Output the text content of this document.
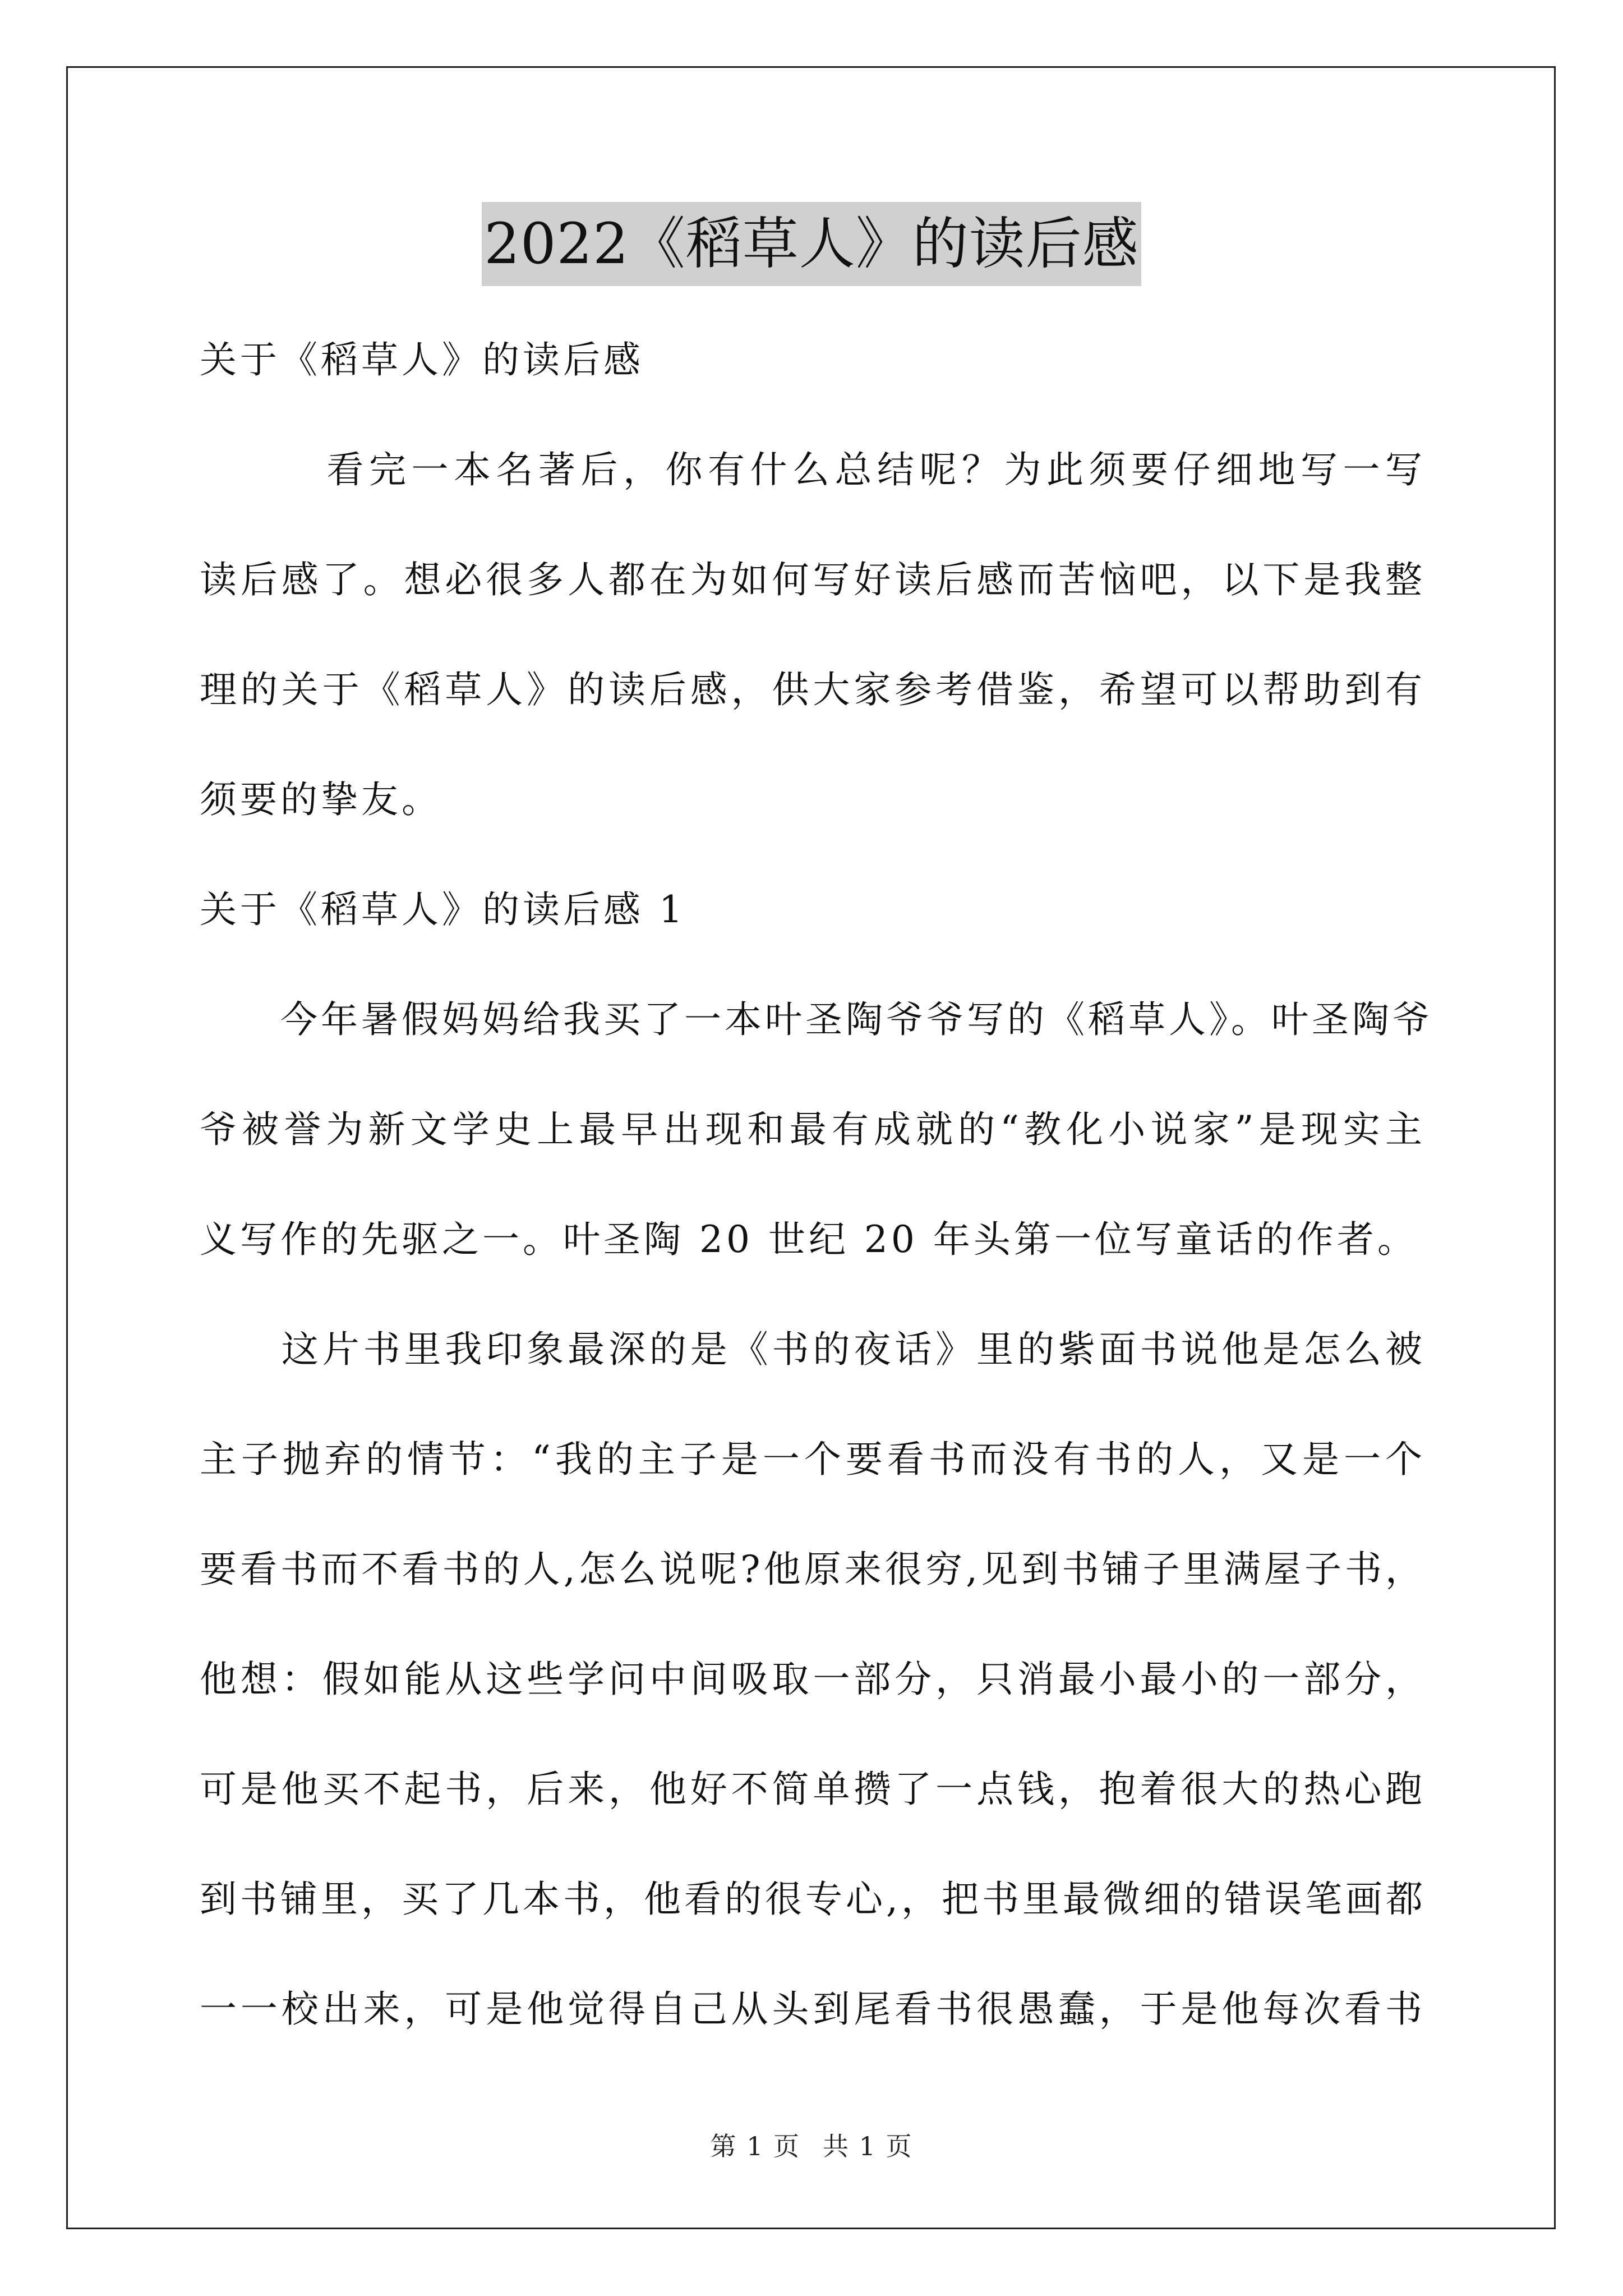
2022《稻草人》的读后感
关于《稻草人》的读后感
　　　看完一本名著后，你有什么总结呢？为此须要仔细地写一写
读后感了。想必很多人都在为如何写好读后感而苦恼吧，以下是我整
理的关于《稻草人》的读后感，供大家参考借鉴，希望可以帮助到有
须要的挚友。
关于《稻草人》的读后感 1
　　今年暑假妈妈给我买了一本叶圣陶爷爷写的《稻草人》。叶圣陶爷
爷被誉为新文学史上最早出现和最有成就的“教化小说家”是现实主
义写作的先驱之一。叶圣陶 20 世纪 20 年头第一位写童话的作者。
　　这片书里我印象最深的是《书的夜话》里的紫面书说他是怎么被
主子抛弃的情节：“我的主子是一个要看书而没有书的人，又是一个
要看书而不看书的人,怎么说呢?他原来很穷,见到书铺子里满屋子书，
他想：假如能从这些学问中间吸取一部分，只消最小最小的一部分，
可是他买不起书，后来，他好不简单攒了一点钱，抱着很大的热心跑
到书铺里，买了几本书，他看的很专心,，把书里最微细的错误笔画都
一一校出来，可是他觉得自己从头到尾看书很愚蠢，于是他每次看书
第 1 页 共 1 页
